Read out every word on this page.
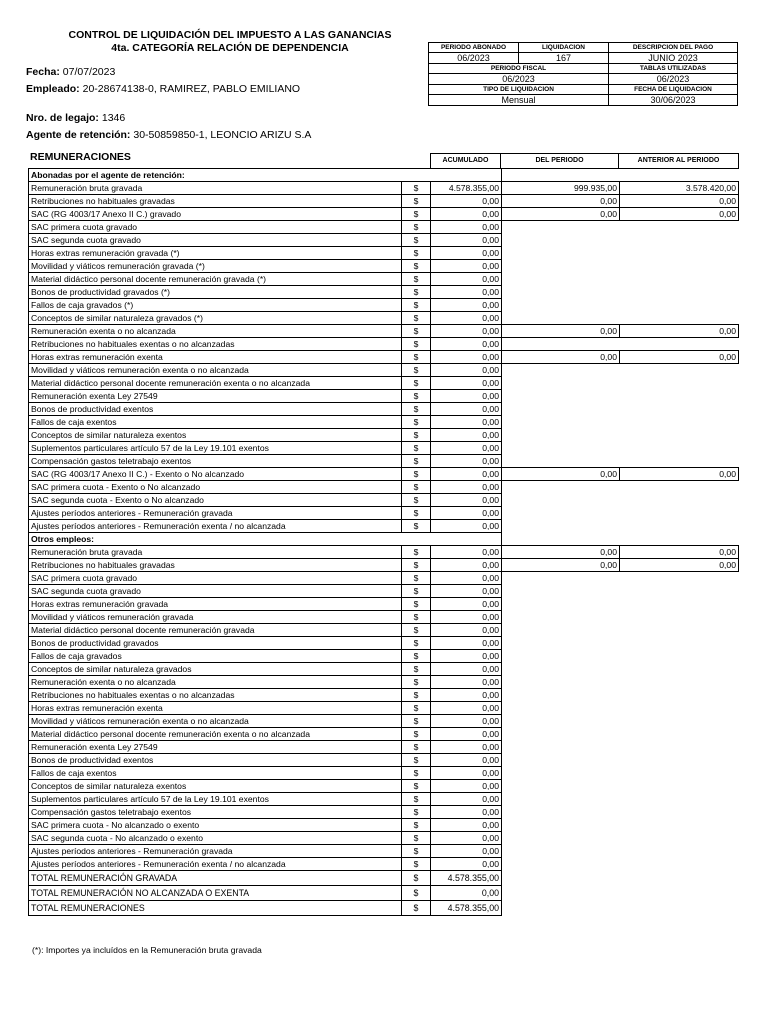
CONTROL DE LIQUIDACIÓN DEL IMPUESTO A LAS GANANCIAS
4ta. CATEGORÍA RELACIÓN DE DEPENDENCIA
Fecha: 07/07/2023
Empleado: 20-28674138-0, RAMIREZ, PABLO EMILIANO
Nro. de legajo: 1346
Agente de retención: 30-50859850-1, LEONCIO ARIZU S.A
PERIODO ABONADO	LIQUIDACION	DESCRIPCION DEL PAGO
06/2023	167	JUNIO 2023
PERIODO FISCAL		TABLAS UTILIZADAS
06/2023		06/2023
TIPO DE LIQUIDACION		FECHA DE LIQUIDACION
Mensual		30/06/2023
REMUNERACIONES	ACUMULADO	DEL PERIODO	ANTERIOR AL PERIODO
Abonadas por el agente de retención:				
Remuneración bruta gravada	$	4.578.355,00	999.935,00	3.578.420,00
Retribuciones no habituales gravadas	$	0,00	0,00	0,00
SAC (RG 4003/17 Anexo II C.) gravado	$	0,00	0,00	0,00
SAC primera cuota gravado	$	0,00		
SAC segunda cuota gravado	$	0,00		
Horas extras remuneración gravada (*)	$	0,00		
Movilidad y viáticos remuneración gravada (*)	$	0,00		
Material didáctico personal docente remuneración gravada (*)	$	0,00		
Bonos de productividad gravados (*)	$	0,00		
Fallos de caja gravados (*)	$	0,00		
Conceptos de similar naturaleza gravados (*)	$	0,00		
Remuneración exenta o no alcanzada	$	0,00	0,00	0,00
Retribuciones no habituales exentas o no alcanzadas	$	0,00		
Horas extras remuneración exenta	$	0,00	0,00	0,00
Movilidad y viáticos remuneración exenta o no alcanzada	$	0,00		
Material didáctico personal docente remuneración exenta o no alcanzada	$	0,00		
Remuneración exenta Ley 27549	$	0,00		
Bonos de productividad exentos	$	0,00		
Fallos de caja exentos	$	0,00		
Conceptos de similar naturaleza exentos	$	0,00		
Suplementos particulares artículo 57 de la Ley 19.101 exentos	$	0,00		
Compensación gastos teletrabajo exentos	$	0,00		
SAC (RG 4003/17 Anexo II C.) - Exento o No alcanzado	$	0,00	0,00	0,00
SAC primera cuota - Exento o No alcanzado	$	0,00		
SAC segunda cuota - Exento o No alcanzado	$	0,00		
Ajustes períodos anteriores - Remuneración gravada	$	0,00		
Ajustes períodos anteriores - Remuneración exenta / no alcanzada	$	0,00		
Otros empleos:				
Remuneración bruta gravada	$	0,00	0,00	0,00
Retribuciones no habituales gravadas	$	0,00	0,00	0,00
SAC primera cuota gravado	$	0,00		
SAC segunda cuota gravado	$	0,00		
Horas extras remuneración gravada	$	0,00		
Movilidad y viáticos remuneración gravada	$	0,00		
Material didáctico personal docente remuneración gravada	$	0,00		
Bonos de productividad gravados	$	0,00		
Fallos de caja gravados	$	0,00		
Conceptos de similar naturaleza gravados	$	0,00		
Remuneración exenta o no alcanzada	$	0,00		
Retribuciones no habituales exentas o no alcanzadas	$	0,00		
Horas extras remuneración exenta	$	0,00		
Movilidad y viáticos remuneración exenta o no alcanzada	$	0,00		
Material didáctico personal docente remuneración exenta o no alcanzada	$	0,00		
Remuneración exenta Ley 27549	$	0,00		
Bonos de productividad exentos	$	0,00		
Fallos de caja exentos	$	0,00		
Conceptos de similar naturaleza exentos	$	0,00		
Suplementos particulares artículo 57 de la Ley 19.101 exentos	$	0,00		
Compensación gastos teletrabajo exentos	$	0,00		
SAC primera cuota - No alcanzado o exento	$	0,00		
SAC segunda cuota - No alcanzado o exento	$	0,00		
Ajustes períodos anteriores - Remuneración gravada	$	0,00		
Ajustes períodos anteriores - Remuneración exenta / no alcanzada	$	0,00		
TOTAL REMUNERACIÓN GRAVADA	$	4.578.355,00		
TOTAL REMUNERACIÓN NO ALCANZADA O EXENTA	$	0,00		
TOTAL REMUNERACIONES	$	4.578.355,00		
(*): Importes ya incluídos en la Remuneración bruta gravada
